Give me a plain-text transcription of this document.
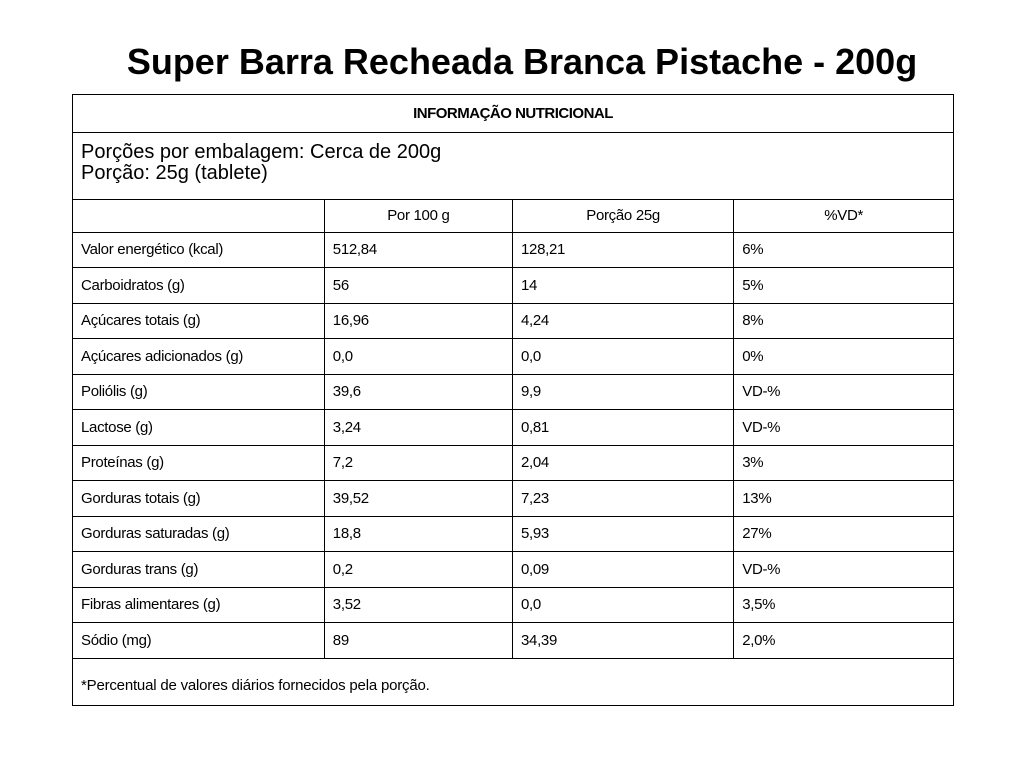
Super Barra Recheada Branca Pistache - 200g
INFORMAÇÃO NUTRICIONAL
Porções por embalagem: Cerca de 200g
Porção: 25g (tablete)
	Por 100 g	Porção 25g	%VD*
Valor energético (kcal)	512,84	128,21	6%
Carboidratos (g)	56	14	5%
Açúcares totais (g)	16,96	4,24	8%
Açúcares adicionados (g)	0,0	0,0	0%
Poliólis (g)	39,6	9,9	VD-%
Lactose (g)	3,24	0,81	VD-%
Proteínas (g)	7,2	2,04	3%
Gorduras totais (g)	39,52	7,23	13%
Gorduras saturadas (g)	18,8	5,93	27%
Gorduras trans (g)	0,2	0,09	VD-%
Fibras alimentares (g)	3,52	0,0	3,5%
Sódio (mg)	89	34,39	2,0%
*Percentual de valores diários fornecidos pela porção.
